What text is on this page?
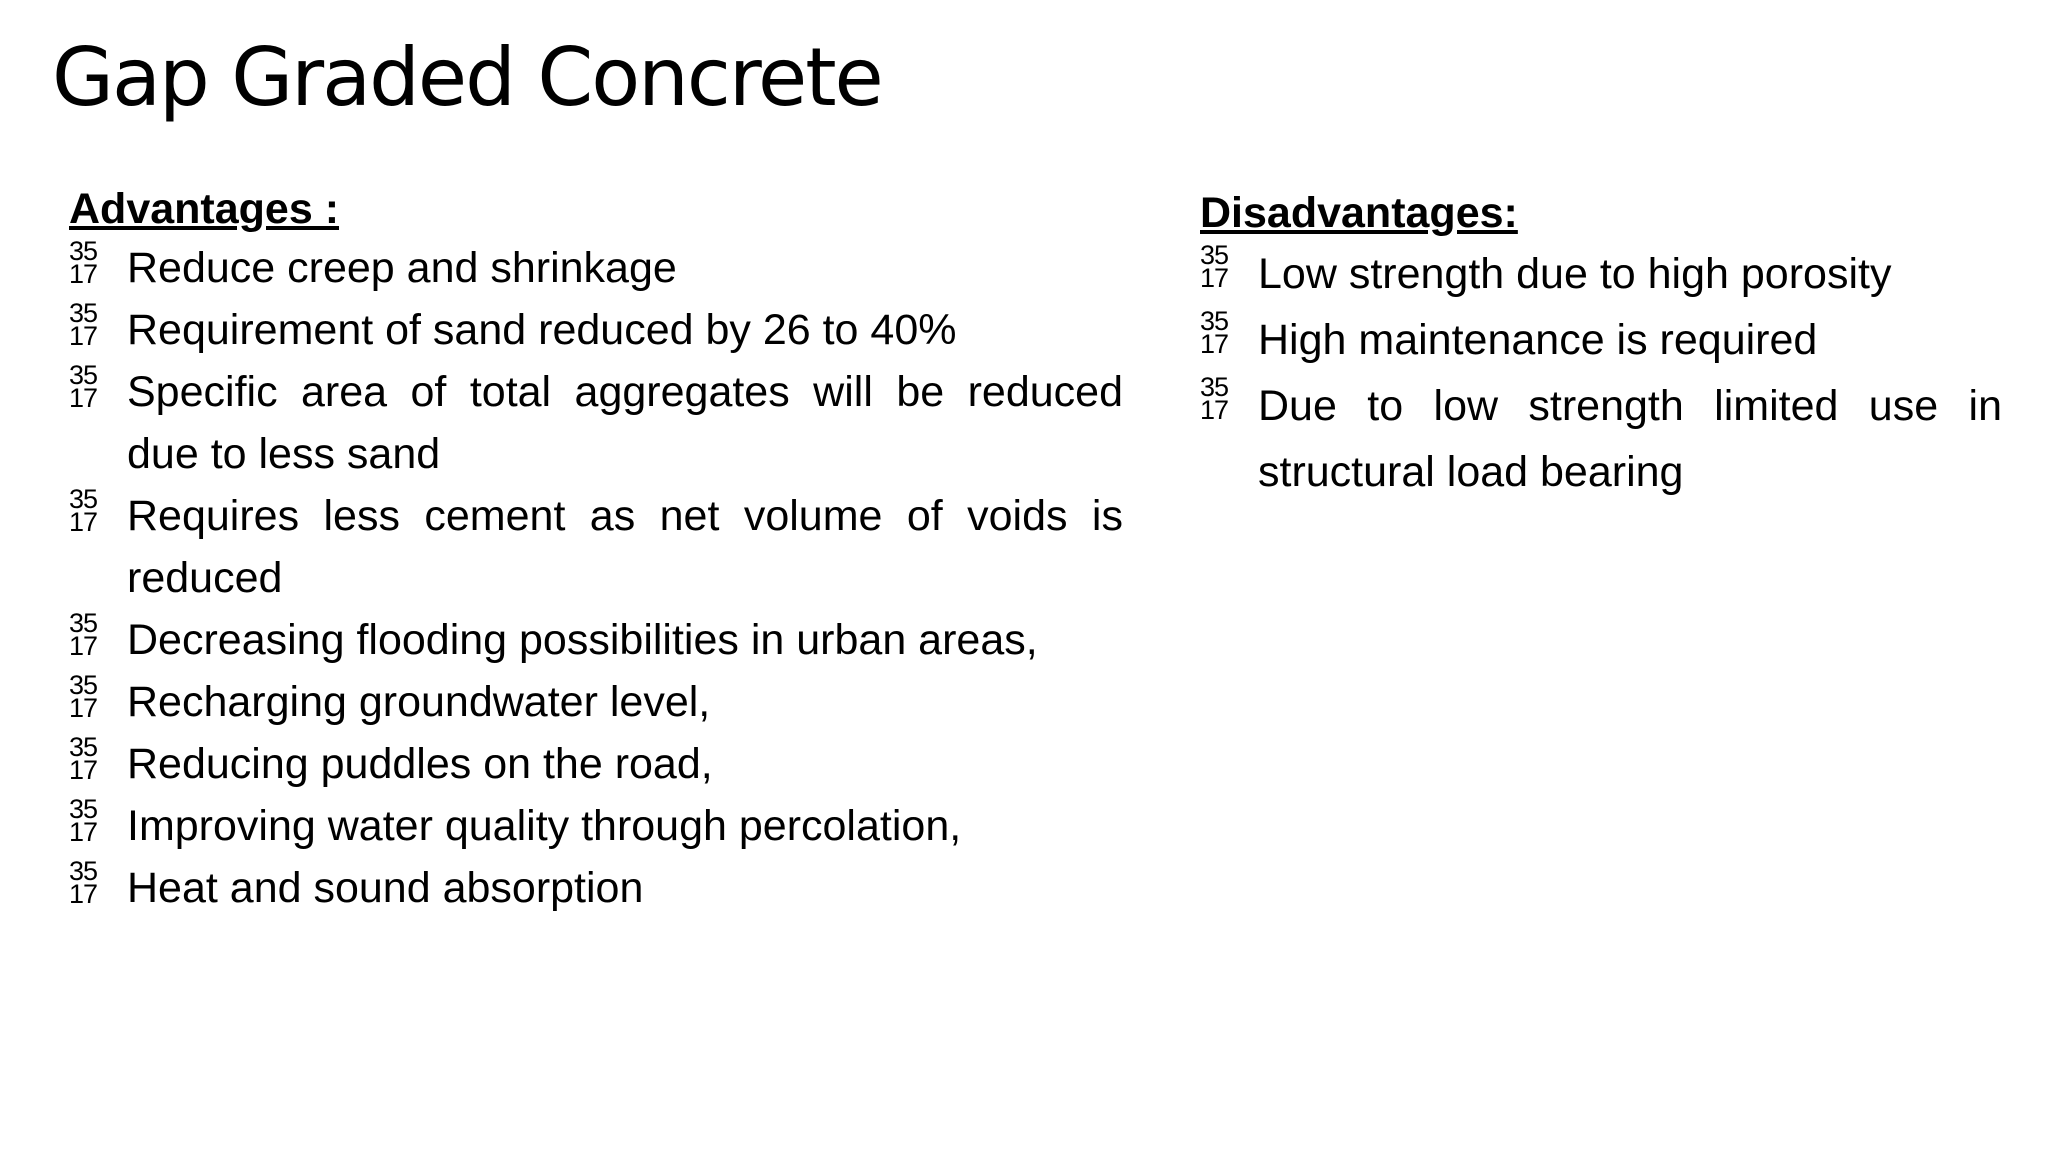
Gap Graded Concrete
Advantages :
35
17 Reduce creep and shrinkage
35
17 Requirement of sand reduced by 26 to 40%
35
17 Specific area of total aggregates will be reduced due to less sand
35
17 Requires less cement as net volume of voids is reduced
35
17 Decreasing flooding possibilities in urban areas,
35
17 Recharging groundwater level,
35
17 Reducing puddles on the road,
35
17 Improving water quality through percolation,
35
17 Heat and sound absorption
Disadvantages:
35
17 Low strength due to high porosity
35
17 High maintenance is required
35
17 Due to low strength limited use in structural load bearing
